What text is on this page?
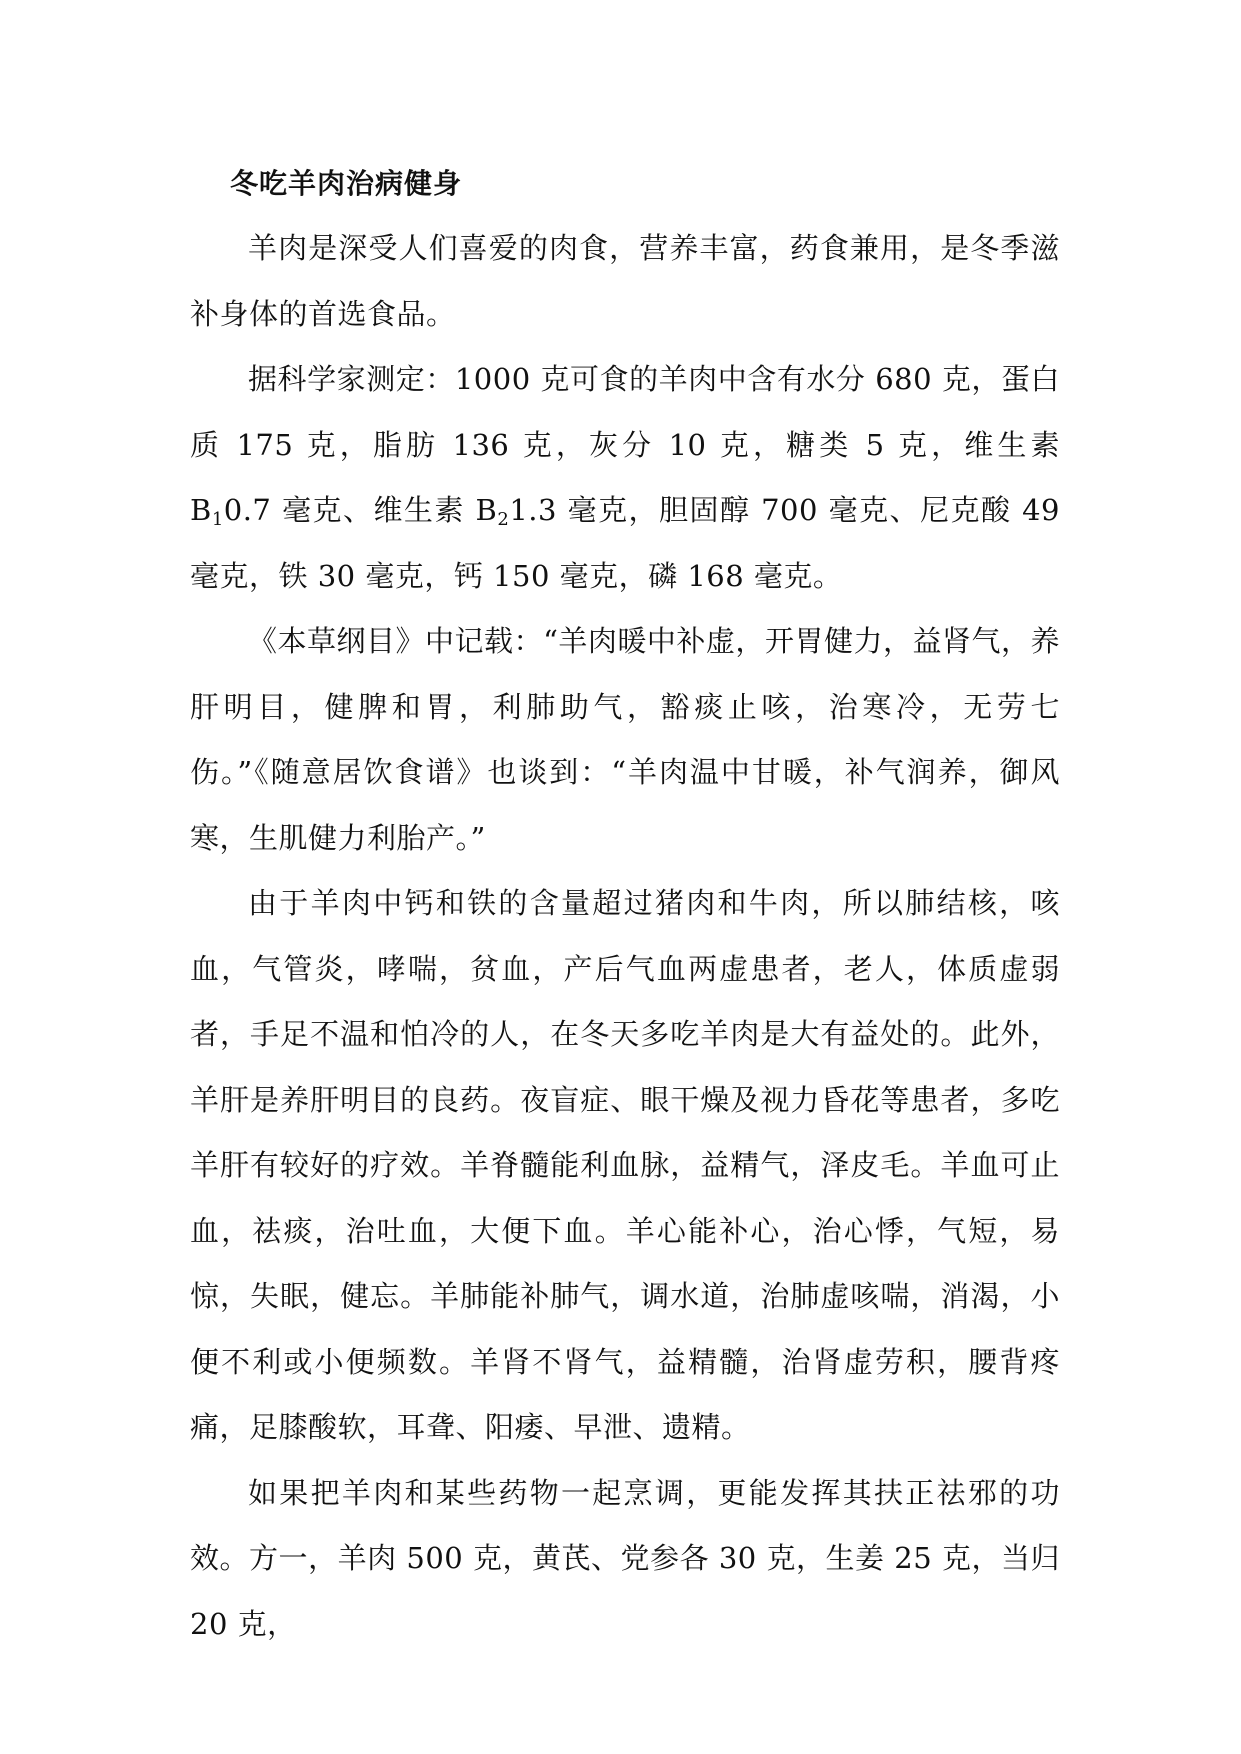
冬吃羊肉治病健身

羊肉是深受人们喜爱的肉食，营养丰富，药食兼用，是冬季滋补身体的首选食品。

据科学家测定：1000 克可食的羊肉中含有水分 680 克，蛋白质 175 克，脂肪 136 克，灰分 10 克，糖类 5 克，维生素 $B_10.7$ 毫克、维生素 $B_21.3$ 毫克，胆固醇 700 毫克、尼克酸 49 毫克，铁 30 毫克，钙 150 毫克，磷 168 毫克。

《本草纲目》中记载：“羊肉暖中补虚，开胃健力，益肾气，养肝明目，健脾和胃，利肺助气，豁痰止咳，治寒冷，无劳七伤。”《随意居饮食谱》也谈到：“羊肉温中甘暖，补气润养，御风寒，生肌健力利胎产。”

由于羊肉中钙和铁的含量超过猪肉和牛肉，所以肺结核，咳血，气管炎，哮喘，贫血，产后气血两虚患者，老人，体质虚弱者，手足不温和怕冷的人，在冬天多吃羊肉是大有益处的。此外，羊肝是养肝明目的良药。夜盲症、眼干燥及视力昏花等患者，多吃羊肝有较好的疗效。羊脊髓能利血脉，益精气，泽皮毛。羊血可止血，祛痰，治吐血，大便下血。羊心能补心，治心悸，气短，易惊，失眠，健忘。羊肺能补肺气，调水道，治肺虚咳喘，消渴，小便不利或小便频数。羊肾不肾气，益精髓，治肾虚劳积，腰背疼痛，足膝酸软，耳聋、阳痿、早泄、遗精。

如果把羊肉和某些药物一起烹调，更能发挥其扶正祛邪的功效。方一，羊肉 500 克，黄芪、党参各 30 克，生姜 25 克，当归 20 克，
